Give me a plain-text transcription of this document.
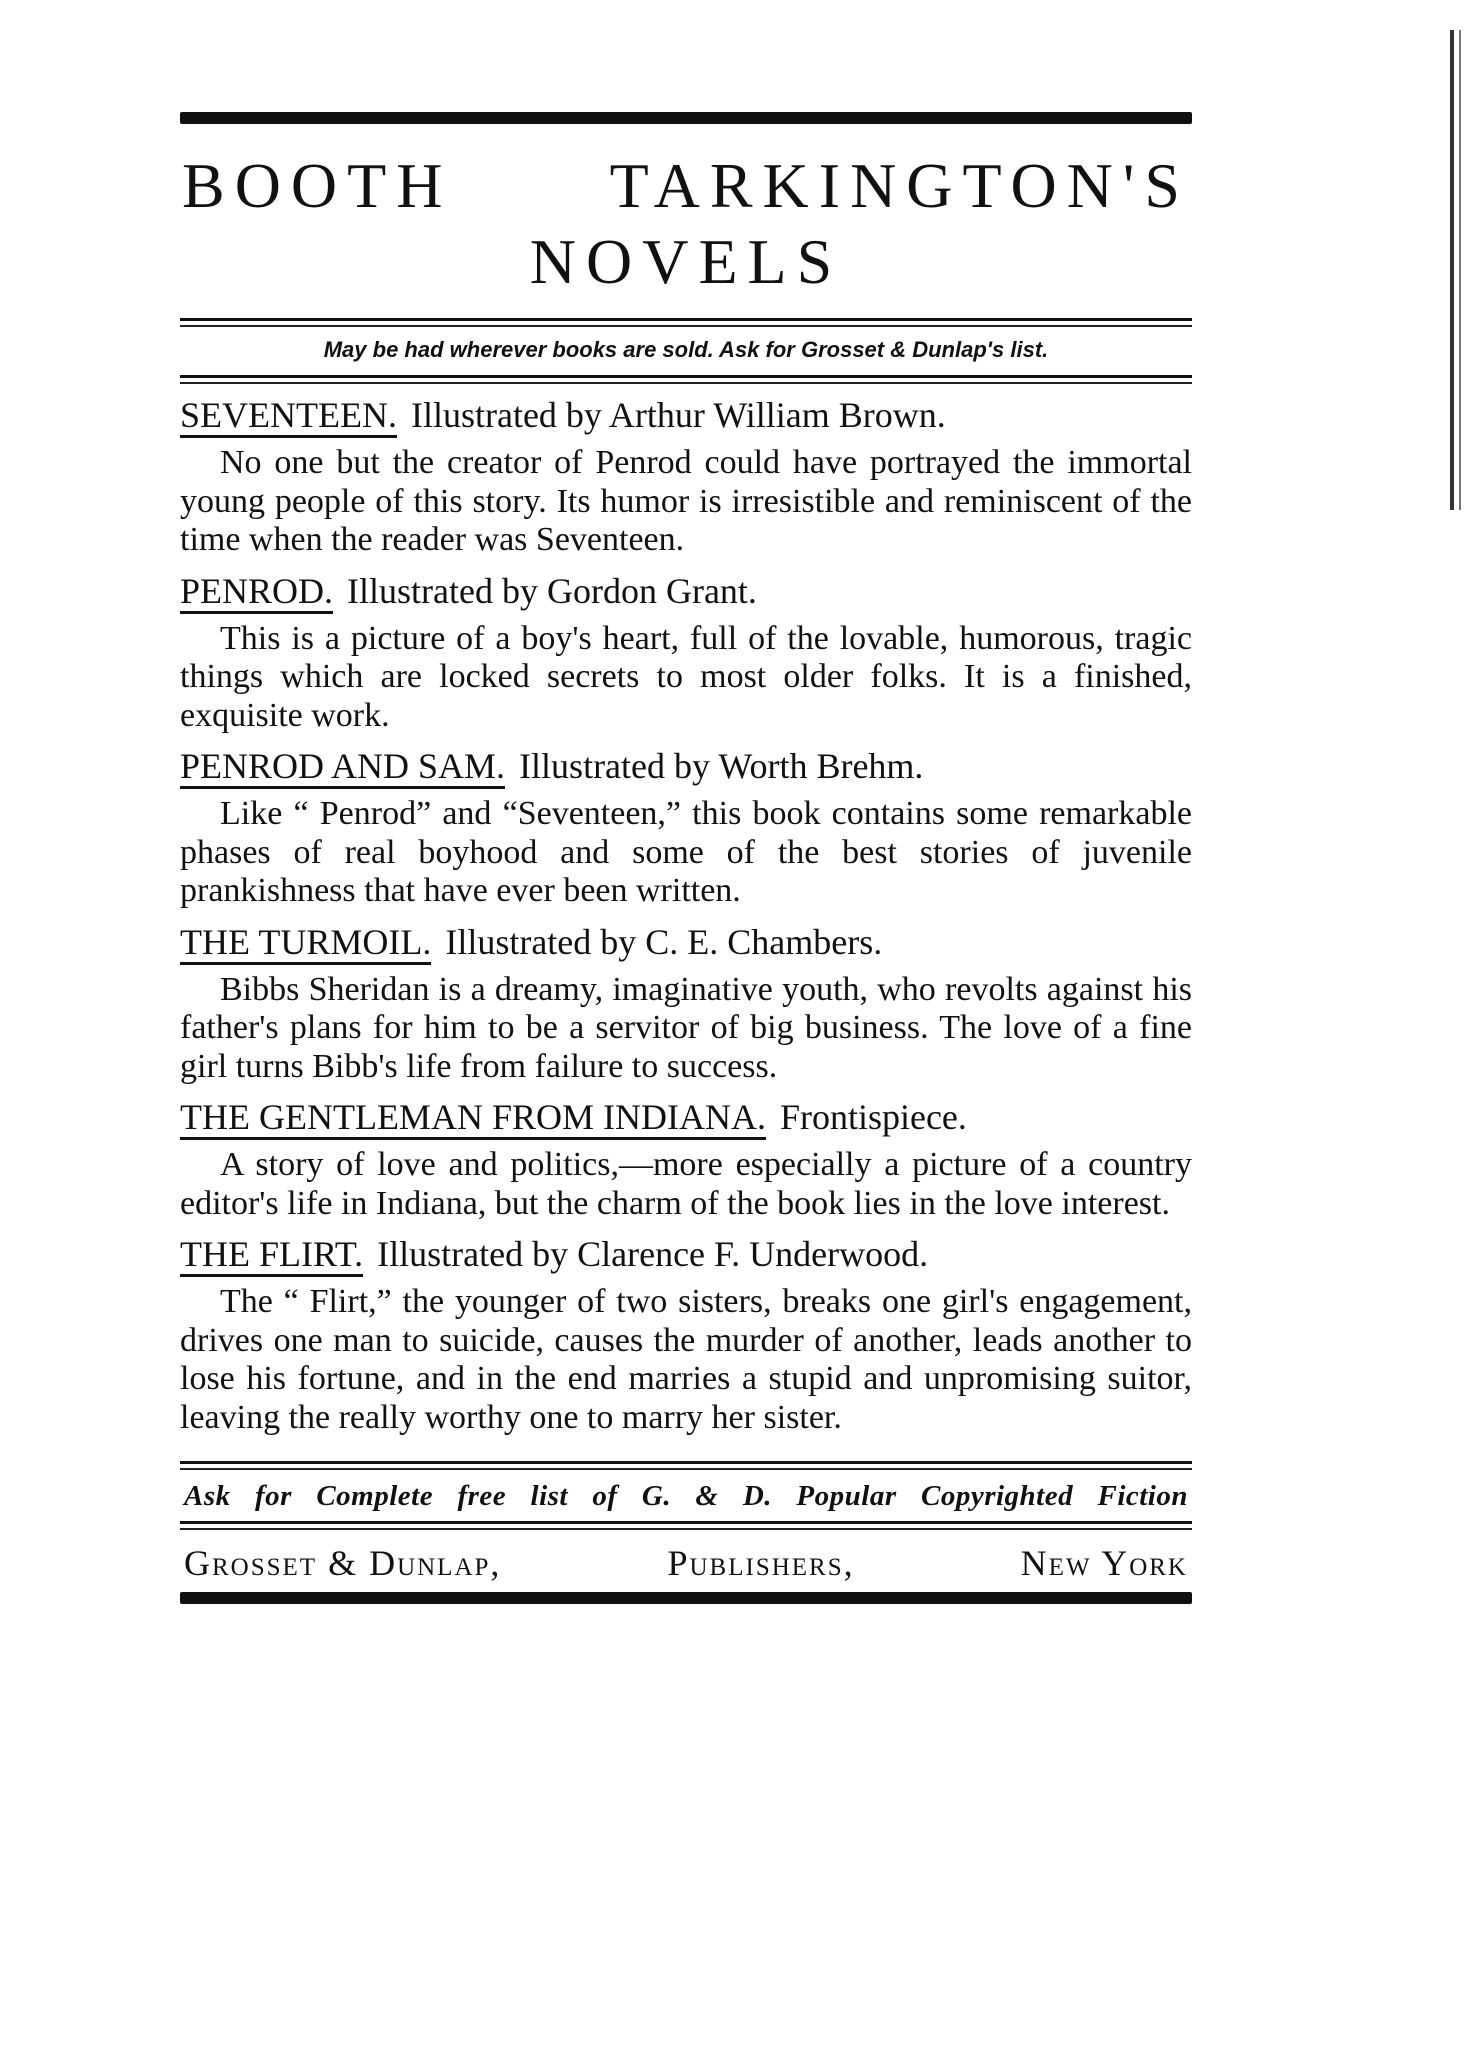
BOOTH TARKINGTON'S
NOVELS
May be had wherever books are sold. Ask for Grosset & Dunlap's list.
SEVENTEEN. Illustrated by Arthur William Brown.
No one but the creator of Penrod could have portrayed the immortal young people of this story. Its humor is irresistible and reminiscent of the time when the reader was Seventeen.
PENROD. Illustrated by Gordon Grant.
This is a picture of a boy's heart, full of the lovable, humorous, tragic things which are locked secrets to most older folks. It is a finished, exquisite work.
PENROD AND SAM. Illustrated by Worth Brehm.
Like “ Penrod” and “Seventeen,” this book contains some remarkable phases of real boyhood and some of the best stories of juvenile prankishness that have ever been written.
THE TURMOIL. Illustrated by C. E. Chambers.
Bibbs Sheridan is a dreamy, imaginative youth, who revolts against his father's plans for him to be a servitor of big business. The love of a fine girl turns Bibb's life from failure to success.
THE GENTLEMAN FROM INDIANA. Frontispiece.
A story of love and politics,—more especially a picture of a country editor's life in Indiana, but the charm of the book lies in the love interest.
THE FLIRT. Illustrated by Clarence F. Underwood.
The “ Flirt,” the younger of two sisters, breaks one girl's engagement, drives one man to suicide, causes the murder of another, leads another to lose his fortune, and in the end marries a stupid and unpromising suitor, leaving the really worthy one to marry her sister.
Ask for Complete free list of G. & D. Popular Copyrighted Fiction
Grosset & Dunlap,	Publishers,	New York
